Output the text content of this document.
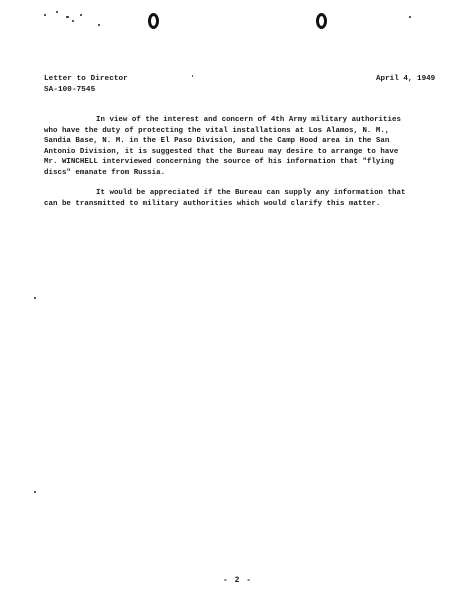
Letter to Director
SA-100-7545
April 4, 1949
In view of the interest and concern of 4th Army military authorities
who have the duty of protecting the vital installations at Los Alamos, N. M.,
Sandia Base, N. M. in the El Paso Division, and the Camp Hood area in the San
Antonio Division, it is suggested that the Bureau may desire to arrange to have
Mr. WINCHELL interviewed concerning the source of his information that "flying
discs" emanate from Russia.
It would be appreciated if the Bureau can supply any information that
can be transmitted to military authorities which would clarify this matter.
- 2 -
